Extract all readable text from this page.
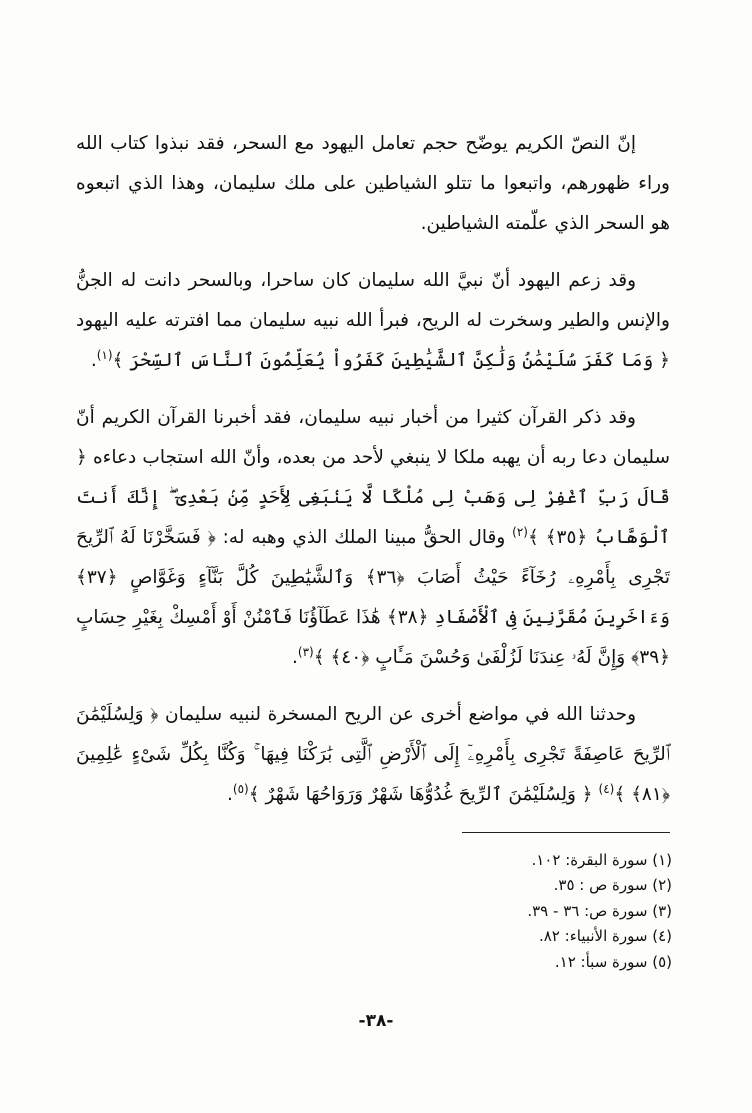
إنّ النصّ الكريم يوضّح حجم تعامل اليهود مع السحر، فقد نبذوا كتاب الله وراء ظهورهم، واتبعوا ما تتلو الشياطين على ملك سليمان، وهذا الذي اتبعوه هو السحر الذي علّمته الشياطين.

وقد زعم اليهود أنّ نبيَّ الله سليمان كان ساحرا، وبالسحر دانت له الجنُّ والإنس والطير وسخرت له الريح، فبرأ الله نبيه سليمان مما افترته عليه اليهود ﴿ وَمَا كَفَرَ سُلَيْمَٰنُ وَلَٰكِنَّ ٱلشَّيَٰطِينَ كَفَرُواْ يُعَلِّمُونَ ٱلنَّاسَ ٱلسِّحْرَ ﴾$^{(١)}$.

وقد ذكر القرآن كثيرا من أخبار نبيه سليمان، فقد أخبرنا القرآن الكريم أنّ سليمان دعا ربه أن يهبه ملكا لا ينبغي لأحد من بعده، وأنّ الله استجاب دعاءه ﴿ قَالَ رَبِّ ٱغْفِرْ لِى وَهَبْ لِى مُلْكًا لَّا يَنۢبَغِى لِأَحَدٍ مِّنۢ بَعْدِىٓ ۖ إِنَّكَ أَنتَ ٱلْوَهَّابُ ﴿٣٥﴾ ﴾$^{(٢)}$ وقال الحقُّ مبينا الملك الذي وهبه له: ﴿ فَسَخَّرْنَا لَهُ ٱلرِّيحَ تَجْرِى بِأَمْرِهِۦ رُخَآءً حَيْثُ أَصَابَ ﴿٣٦﴾ وَٱلشَّيَٰطِينَ كُلَّ بَنَّآءٍ وَغَوَّاصٍ ﴿٣٧﴾ وَءَاخَرِينَ مُقَرَّنِينَ فِى ٱلْأَصْفَادِ ﴿٣٨﴾ هَٰذَا عَطَآؤُنَا فَٱمْنُنْ أَوْ أَمْسِكْ بِغَيْرِ حِسَابٍ ﴿٣٩﴾ وَإِنَّ لَهُۥ عِندَنَا لَزُلْفَىٰ وَحُسْنَ مَـَٔابٍ ﴿٤٠﴾ ﴾$^{(٣)}$.

وحدثنا الله في مواضع أخرى عن الريح المسخرة لنبيه سليمان ﴿ وَلِسُلَيْمَٰنَ ٱلرِّيحَ عَاصِفَةً تَجْرِى بِأَمْرِهِۦٓ إِلَى ٱلْأَرْضِ ٱلَّتِى بَٰرَكْنَا فِيهَا ۚ وَكُنَّا بِكُلِّ شَىْءٍ عَٰلِمِينَ ﴿٨١﴾ ﴾$^{(٤)}$ ﴿ وَلِسُلَيْمَٰنَ ٱلرِّيحَ غُدُوُّهَا شَهْرٌ وَرَوَاحُهَا شَهْرٌ ﴾$^{(٥)}$.

(١) سورة البقرة: ١٠٢.
(٢) سورة ص : ٣٥.
(٣) سورة ص: ٣٦ - ٣٩.
(٤) سورة الأنبياء: ٨٢.
(٥) سورة سبأ: ١٢.
-٣٨-
